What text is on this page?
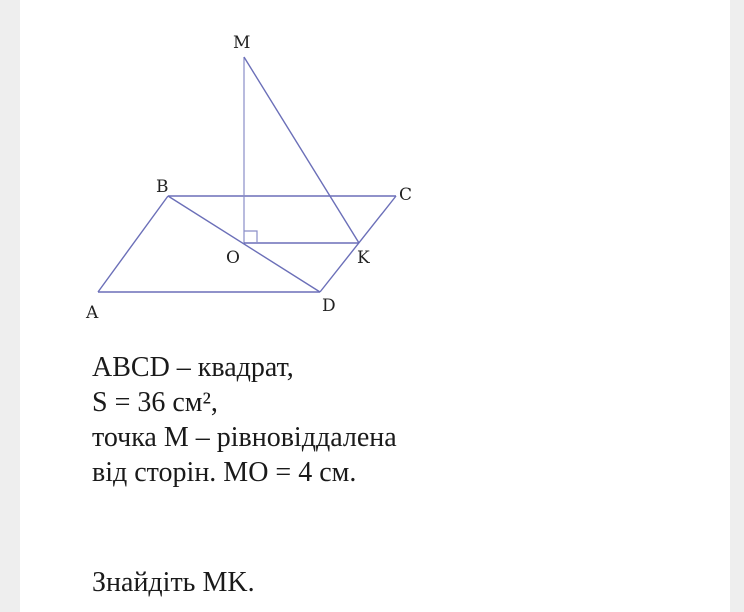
M
B	C
O	K
A	D
ABCD – квадрат,
S = 36 см²,
точка M – рівновіддалена
від сторін. MO = 4 см.
Знайдіть MK.
